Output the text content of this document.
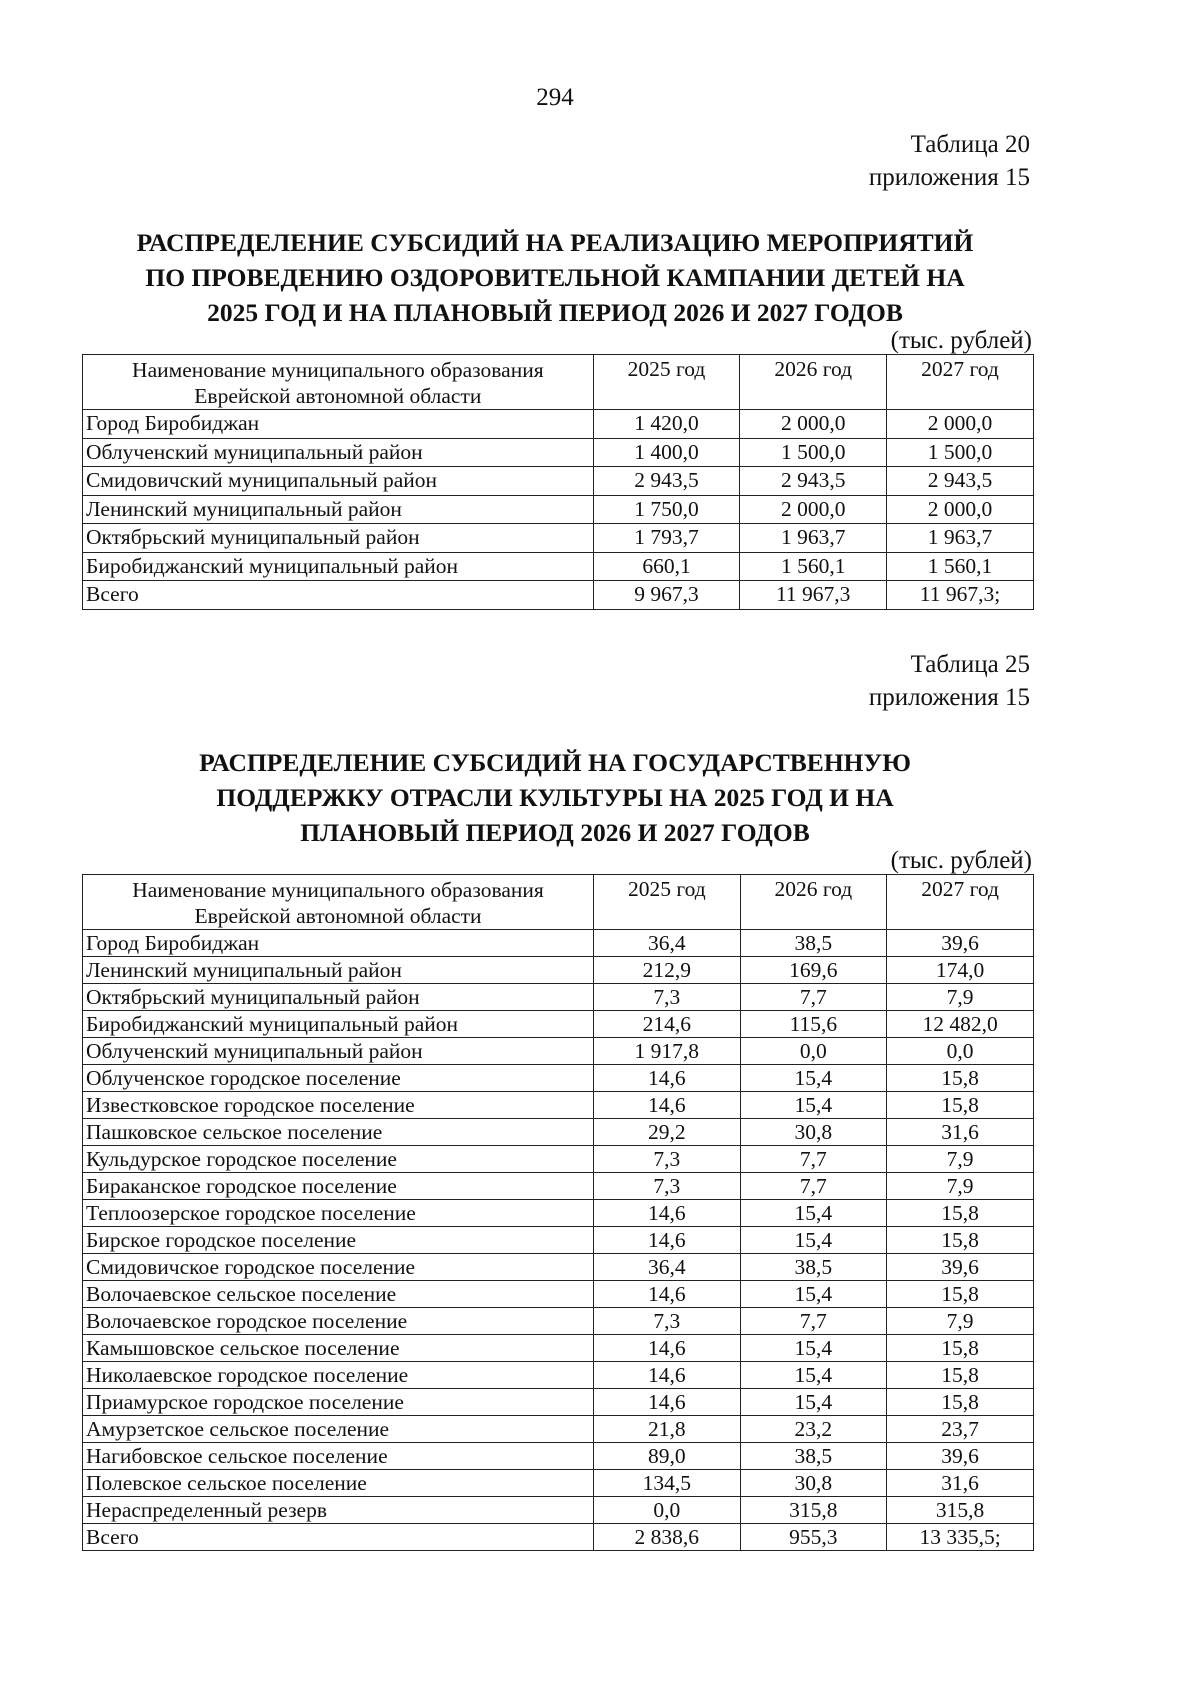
294
Таблица 20
приложения 15
РАСПРЕДЕЛЕНИЕ СУБСИДИЙ НА РЕАЛИЗАЦИЮ МЕРОПРИЯТИЙ
ПО ПРОВЕДЕНИЮ ОЗДОРОВИТЕЛЬНОЙ КАМПАНИИ ДЕТЕЙ НА
2025 ГОД И НА ПЛАНОВЫЙ ПЕРИОД 2026 И 2027 ГОДОВ
(тыс. рублей)
Наименование муниципального образования
Еврейской автономной области	2025 год	2026 год	2027 год
Город Биробиджан	1 420,0	2 000,0	2 000,0
Облученский муниципальный район	1 400,0	1 500,0	1 500,0
Смидовичский муниципальный район	2 943,5	2 943,5	2 943,5
Ленинский муниципальный район	1 750,0	2 000,0	2 000,0
Октябрьский муниципальный район	1 793,7	1 963,7	1 963,7
Биробиджанский муниципальный район	660,1	1 560,1	1 560,1
Всего	9 967,3	11 967,3	11 967,3;
Таблица 25
приложения 15
РАСПРЕДЕЛЕНИЕ СУБСИДИЙ НА ГОСУДАРСТВЕННУЮ
ПОДДЕРЖКУ ОТРАСЛИ КУЛЬТУРЫ НА 2025 ГОД И НА
ПЛАНОВЫЙ ПЕРИОД 2026 И 2027 ГОДОВ
(тыс. рублей)
Наименование муниципального образования
Еврейской автономной области	2025 год	2026 год	2027 год
Город Биробиджан	36,4	38,5	39,6
Ленинский муниципальный район	212,9	169,6	174,0
Октябрьский муниципальный район	7,3	7,7	7,9
Биробиджанский муниципальный район	214,6	115,6	12 482,0
Облученский муниципальный район	1 917,8	0,0	0,0
Облученское городское поселение	14,6	15,4	15,8
Известковское городское поселение	14,6	15,4	15,8
Пашковское сельское поселение	29,2	30,8	31,6
Кульдурское городское поселение	7,3	7,7	7,9
Бираканское городское поселение	7,3	7,7	7,9
Теплоозерское городское поселение	14,6	15,4	15,8
Бирское городское поселение	14,6	15,4	15,8
Смидовичское городское поселение	36,4	38,5	39,6
Волочаевское сельское поселение	14,6	15,4	15,8
Волочаевское городское поселение	7,3	7,7	7,9
Камышовское сельское поселение	14,6	15,4	15,8
Николаевское городское поселение	14,6	15,4	15,8
Приамурское городское поселение	14,6	15,4	15,8
Амурзетское сельское поселение	21,8	23,2	23,7
Нагибовское сельское поселение	89,0	38,5	39,6
Полевское сельское поселение	134,5	30,8	31,6
Нераспределенный резерв	0,0	315,8	315,8
Всего	2 838,6	955,3	13 335,5;
